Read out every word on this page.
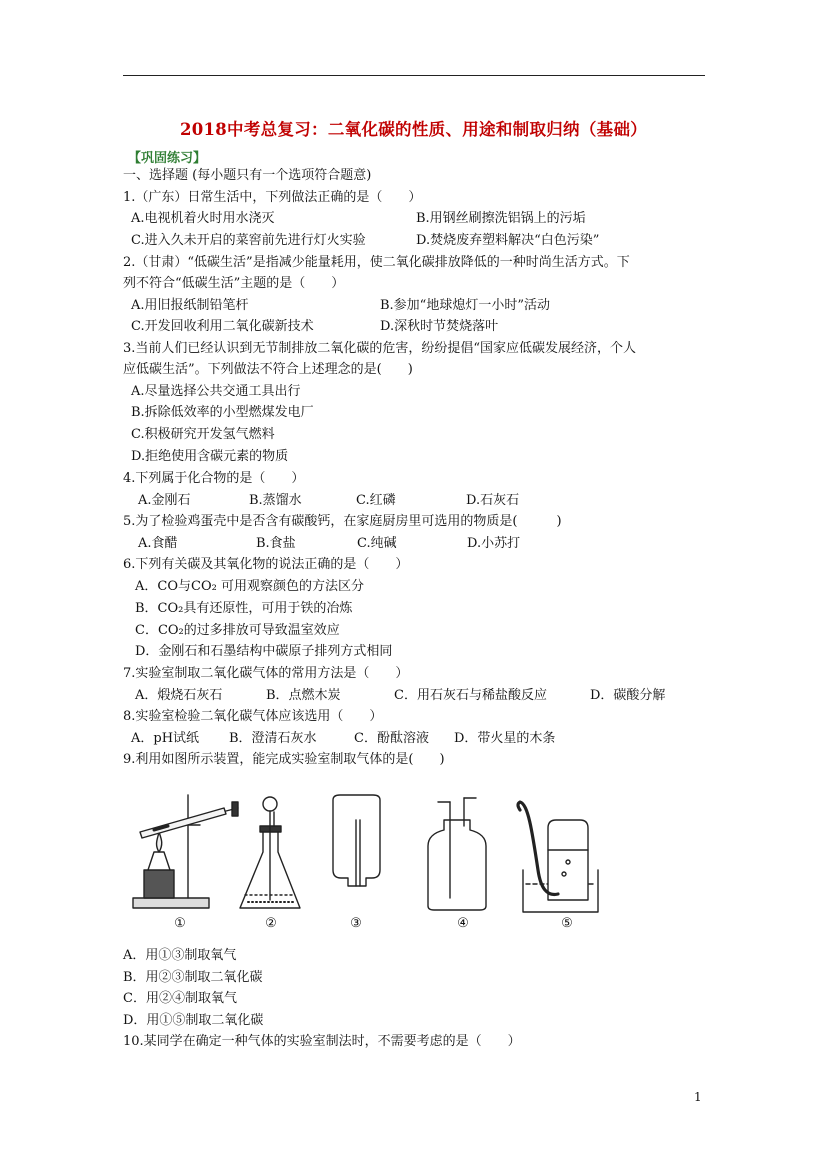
2018中考总复习：二氧化碳的性质、用途和制取归纳（基础）
【巩固练习】
一、选择题 (每小题只有一个选项符合题意)
1.（广东）日常生活中，下列做法正确的是（　　）
A.电视机着火时用水浇灭	B.用钢丝刷擦洗铝锅上的污垢
C.进入久未开启的菜窖前先进行灯火实验	D.焚烧废弃塑料解决“白色污染”
2.（甘肃）“低碳生活”是指减少能量耗用，使二氧化碳排放降低的一种时尚生活方式。下
列不符合“低碳生活”主题的是（　　）
A.用旧报纸制铅笔杆	B.参加“地球熄灯一小时”活动
C.开发回收利用二氧化碳新技术	D.深秋时节焚烧落叶
3.当前人们已经认识到无节制排放二氧化碳的危害，纷纷提倡“国家应低碳发展经济，个人
应低碳生活”。下列做法不符合上述理念的是(　　)
A.尽量选择公共交通工具出行
B.拆除低效率的小型燃煤发电厂
C.积极研究开发氢气燃料
D.拒绝使用含碳元素的物质
4.下列属于化合物的是（　　）
A.金刚石	B.蒸馏水	C.红磷	D.石灰石
5.为了检验鸡蛋壳中是否含有碳酸钙，在家庭厨房里可选用的物质是(　　　)
A.食醋	B.食盐	C.纯碱	D.小苏打
6.下列有关碳及其氧化物的说法正确的是（　　）
A．CO与CO₂ 可用观察颜色的方法区分
B．CO₂具有还原性，可用于铁的冶炼
C．CO₂的过多排放可导致温室效应
D．金刚石和石墨结构中碳原子排列方式相同
7.实验室制取二氧化碳气体的常用方法是（　　）
A．煅烧石灰石	B．点燃木炭	C．用石灰石与稀盐酸反应	D．碳酸分解
8.实验室检验二氧化碳气体应该选用（　　）
A．pH试纸 B．澄清石灰水	C．酚酞溶液 D．带火星的木条
9.利用如图所示装置，能完成实验室制取气体的是(　　)
①	②	③	④	⑤
A．用①③制取氧气
B．用②③制取二氧化碳
C．用②④制取氧气
D．用①⑤制取二氧化碳
10.某同学在确定一种气体的实验室制法时，不需要考虑的是（　　）
1
